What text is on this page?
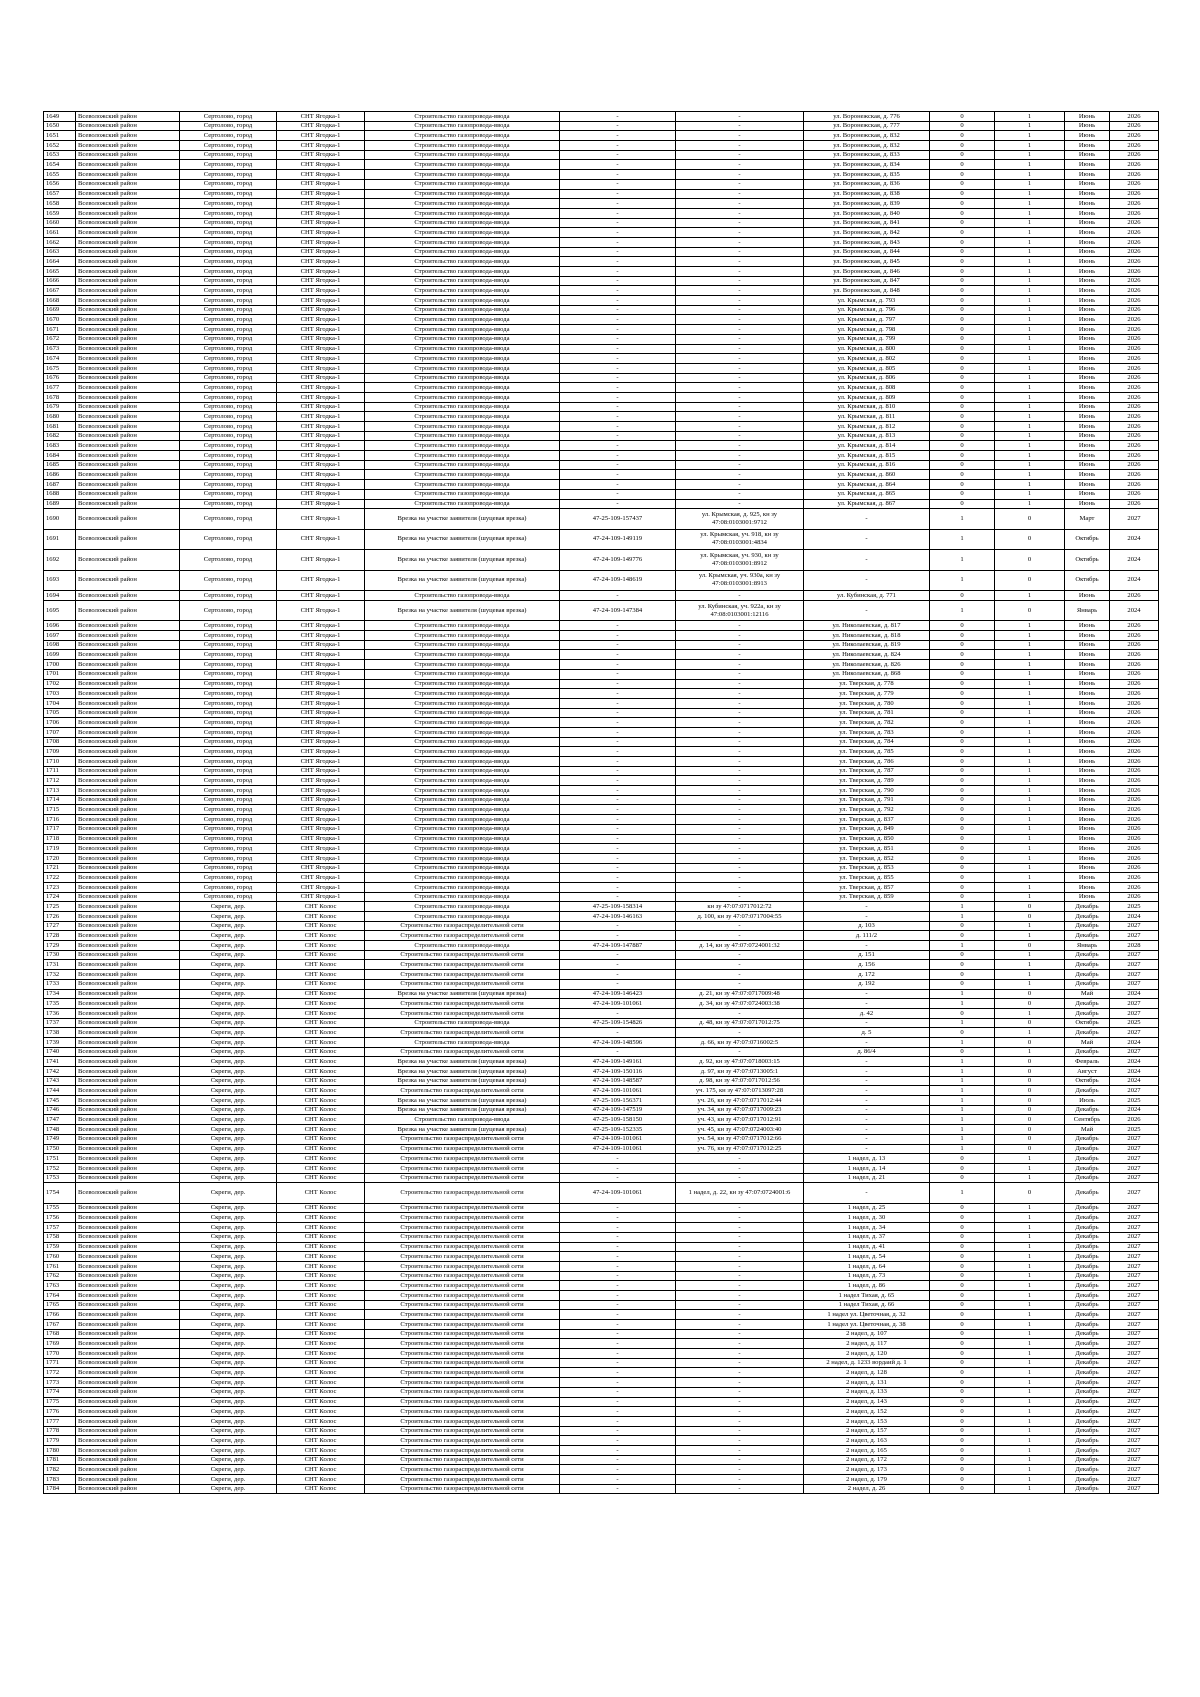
1649	Всеволожский район	Сертолово, город	СНТ Ягодка-1	Строительство газопровода-ввода	-	-	ул. Воронежская, д. 776	0	1	Июнь	2026
1650	Всеволожский район	Сертолово, город	СНТ Ягодка-1	Строительство газопровода-ввода	-	-	ул. Воронежская, д. 777	0	1	Июнь	2026
1651	Всеволожский район	Сертолово, город	СНТ Ягодка-1	Строительство газопровода-ввода	-	-	ул. Воронежская, д. 832	0	1	Июнь	2026
1652	Всеволожский район	Сертолово, город	СНТ Ягодка-1	Строительство газопровода-ввода	-	-	ул. Воронежская, д. 832	0	1	Июнь	2026
1653	Всеволожский район	Сертолово, город	СНТ Ягодка-1	Строительство газопровода-ввода	-	-	ул. Воронежская, д. 833	0	1	Июнь	2026
1654	Всеволожский район	Сертолово, город	СНТ Ягодка-1	Строительство газопровода-ввода	-	-	ул. Воронежская, д. 834	0	1	Июнь	2026
1655	Всеволожский район	Сертолово, город	СНТ Ягодка-1	Строительство газопровода-ввода	-	-	ул. Воронежская, д. 835	0	1	Июнь	2026
1656	Всеволожский район	Сертолово, город	СНТ Ягодка-1	Строительство газопровода-ввода	-	-	ул. Воронежская, д. 836	0	1	Июнь	2026
1657	Всеволожский район	Сертолово, город	СНТ Ягодка-1	Строительство газопровода-ввода	-	-	ул. Воронежская, д. 838	0	1	Июнь	2026
1658	Всеволожский район	Сертолово, город	СНТ Ягодка-1	Строительство газопровода-ввода	-	-	ул. Воронежская, д. 839	0	1	Июнь	2026
1659	Всеволожский район	Сертолово, город	СНТ Ягодка-1	Строительство газопровода-ввода	-	-	ул. Воронежская, д. 840	0	1	Июнь	2026
1660	Всеволожский район	Сертолово, город	СНТ Ягодка-1	Строительство газопровода-ввода	-	-	ул. Воронежская, д. 841	0	1	Июнь	2026
1661	Всеволожский район	Сертолово, город	СНТ Ягодка-1	Строительство газопровода-ввода	-	-	ул. Воронежская, д. 842	0	1	Июнь	2026
1662	Всеволожский район	Сертолово, город	СНТ Ягодка-1	Строительство газопровода-ввода	-	-	ул. Воронежская, д. 843	0	1	Июнь	2026
1663	Всеволожский район	Сертолово, город	СНТ Ягодка-1	Строительство газопровода-ввода	-	-	ул. Воронежская, д. 844	0	1	Июнь	2026
1664	Всеволожский район	Сертолово, город	СНТ Ягодка-1	Строительство газопровода-ввода	-	-	ул. Воронежская, д. 845	0	1	Июнь	2026
1665	Всеволожский район	Сертолово, город	СНТ Ягодка-1	Строительство газопровода-ввода	-	-	ул. Воронежская, д. 846	0	1	Июнь	2026
1666	Всеволожский район	Сертолово, город	СНТ Ягодка-1	Строительство газопровода-ввода	-	-	ул. Воронежская, д. 847	0	1	Июнь	2026
1667	Всеволожский район	Сертолово, город	СНТ Ягодка-1	Строительство газопровода-ввода	-	-	ул. Воронежская, д. 848	0	1	Июнь	2026
1668	Всеволожский район	Сертолово, город	СНТ Ягодка-1	Строительство газопровода-ввода	-	-	ул. Крымская, д. 793	0	1	Июнь	2026
1669	Всеволожский район	Сертолово, город	СНТ Ягодка-1	Строительство газопровода-ввода	-	-	ул. Крымская, д. 796	0	1	Июнь	2026
1670	Всеволожский район	Сертолово, город	СНТ Ягодка-1	Строительство газопровода-ввода	-	-	ул. Крымская, д. 797	0	1	Июнь	2026
1671	Всеволожский район	Сертолово, город	СНТ Ягодка-1	Строительство газопровода-ввода	-	-	ул. Крымская, д. 798	0	1	Июнь	2026
1672	Всеволожский район	Сертолово, город	СНТ Ягодка-1	Строительство газопровода-ввода	-	-	ул. Крымская, д. 799	0	1	Июнь	2026
1673	Всеволожский район	Сертолово, город	СНТ Ягодка-1	Строительство газопровода-ввода	-	-	ул. Крымская, д. 800	0	1	Июнь	2026
1674	Всеволожский район	Сертолово, город	СНТ Ягодка-1	Строительство газопровода-ввода	-	-	ул. Крымская, д. 802	0	1	Июнь	2026
1675	Всеволожский район	Сертолово, город	СНТ Ягодка-1	Строительство газопровода-ввода	-	-	ул. Крымская, д. 805	0	1	Июнь	2026
1676	Всеволожский район	Сертолово, город	СНТ Ягодка-1	Строительство газопровода-ввода	-	-	ул. Крымская, д. 806	0	1	Июнь	2026
1677	Всеволожский район	Сертолово, город	СНТ Ягодка-1	Строительство газопровода-ввода	-	-	ул. Крымская, д. 808	0	1	Июнь	2026
1678	Всеволожский район	Сертолово, город	СНТ Ягодка-1	Строительство газопровода-ввода	-	-	ул. Крымская, д. 809	0	1	Июнь	2026
1679	Всеволожский район	Сертолово, город	СНТ Ягодка-1	Строительство газопровода-ввода	-	-	ул. Крымская, д. 810	0	1	Июнь	2026
1680	Всеволожский район	Сертолово, город	СНТ Ягодка-1	Строительство газопровода-ввода	-	-	ул. Крымская, д. 811	0	1	Июнь	2026
1681	Всеволожский район	Сертолово, город	СНТ Ягодка-1	Строительство газопровода-ввода	-	-	ул. Крымская, д. 812	0	1	Июнь	2026
1682	Всеволожский район	Сертолово, город	СНТ Ягодка-1	Строительство газопровода-ввода	-	-	ул. Крымская, д. 813	0	1	Июнь	2026
1683	Всеволожский район	Сертолово, город	СНТ Ягодка-1	Строительство газопровода-ввода	-	-	ул. Крымская, д. 814	0	1	Июнь	2026
1684	Всеволожский район	Сертолово, город	СНТ Ягодка-1	Строительство газопровода-ввода	-	-	ул. Крымская, д. 815	0	1	Июнь	2026
1685	Всеволожский район	Сертолово, город	СНТ Ягодка-1	Строительство газопровода-ввода	-	-	ул. Крымская, д. 816	0	1	Июнь	2026
1686	Всеволожский район	Сертолово, город	СНТ Ягодка-1	Строительство газопровода-ввода	-	-	ул. Крымская, д. 860	0	1	Июнь	2026
1687	Всеволожский район	Сертолово, город	СНТ Ягодка-1	Строительство газопровода-ввода	-	-	ул. Крымская, д. 864	0	1	Июнь	2026
1688	Всеволожский район	Сертолово, город	СНТ Ягодка-1	Строительство газопровода-ввода	-	-	ул. Крымская, д. 865	0	1	Июнь	2026
1689	Всеволожский район	Сертолово, город	СНТ Ягодка-1	Строительство газопровода-ввода	-	-	ул. Крымская, д. 867	0	1	Июнь	2026
1690	Всеволожский район	Сертолово, город	СНТ Ягодка-1	Врезка на участке заявителя (шуцевая врезка)	47-25-109-157437	ул. Крымская, д. 925, кн зу 47:08:0103001:9712	-	1	0	Март	2027
1691	Всеволожский район	Сертолово, город	СНТ Ягодка-1	Врезка на участке заявителя (шуцевая врезка)	47-24-109-149119	ул. Крымская, уч. 918, кн зу 47:08:0103001:4834	-	1	0	Октябрь	2024
1692	Всеволожский район	Сертолово, город	СНТ Ягодка-1	Врезка на участке заявителя (шуцевая врезка)	47-24-109-149776	ул. Крымская, уч. 930, кн зу 47:08:0103001:8912	-	1	0	Октябрь	2024
1693	Всеволожский район	Сертолово, город	СНТ Ягодка-1	Врезка на участке заявителя (шуцевая врезка)	47-24-109-148619	ул. Крымская, уч. 930а, кн зу 47:08:0103001:8913	-	1	0	Октябрь	2024
1694	Всеволожский район	Сертолово, город	СНТ Ягодка-1	Строительство газопровода-ввода	-	-	ул. Кубинская, д. 771	0	1	Июнь	2026
1695	Всеволожский район	Сертолово, город	СНТ Ягодка-1	Врезка на участке заявителя (шуцевая врезка)	47-24-109-147384	ул. Кубинская, уч. 922а, кн зу 47:08:0103001:12116	-	1	0	Январь	2024
1696	Всеволожский район	Сертолово, город	СНТ Ягодка-1	Строительство газопровода-ввода	-	-	ул. Николаевская, д. 817	0	1	Июнь	2026
1697	Всеволожский район	Сертолово, город	СНТ Ягодка-1	Строительство газопровода-ввода	-	-	ул. Николаевская, д. 818	0	1	Июнь	2026
1698	Всеволожский район	Сертолово, город	СНТ Ягодка-1	Строительство газопровода-ввода	-	-	ул. Николаевская, д. 819	0	1	Июнь	2026
1699	Всеволожский район	Сертолово, город	СНТ Ягодка-1	Строительство газопровода-ввода	-	-	ул. Николаевская, д. 824	0	1	Июнь	2026
1700	Всеволожский район	Сертолово, город	СНТ Ягодка-1	Строительство газопровода-ввода	-	-	ул. Николаевская, д. 826	0	1	Июнь	2026
1701	Всеволожский район	Сертолово, город	СНТ Ягодка-1	Строительство газопровода-ввода	-	-	ул. Николаевская, д. 868	0	1	Июнь	2026
1702	Всеволожский район	Сертолово, город	СНТ Ягодка-1	Строительство газопровода-ввода	-	-	ул. Тверская, д. 778	0	1	Июнь	2026
1703	Всеволожский район	Сертолово, город	СНТ Ягодка-1	Строительство газопровода-ввода	-	-	ул. Тверская, д. 779	0	1	Июнь	2026
1704	Всеволожский район	Сертолово, город	СНТ Ягодка-1	Строительство газопровода-ввода	-	-	ул. Тверская, д. 780	0	1	Июнь	2026
1705	Всеволожский район	Сертолово, город	СНТ Ягодка-1	Строительство газопровода-ввода	-	-	ул. Тверская, д. 781	0	1	Июнь	2026
1706	Всеволожский район	Сертолово, город	СНТ Ягодка-1	Строительство газопровода-ввода	-	-	ул. Тверская, д. 782	0	1	Июнь	2026
1707	Всеволожский район	Сертолово, город	СНТ Ягодка-1	Строительство газопровода-ввода	-	-	ул. Тверская, д. 783	0	1	Июнь	2026
1708	Всеволожский район	Сертолово, город	СНТ Ягодка-1	Строительство газопровода-ввода	-	-	ул. Тверская, д. 784	0	1	Июнь	2026
1709	Всеволожский район	Сертолово, город	СНТ Ягодка-1	Строительство газопровода-ввода	-	-	ул. Тверская, д. 785	0	1	Июнь	2026
1710	Всеволожский район	Сертолово, город	СНТ Ягодка-1	Строительство газопровода-ввода	-	-	ул. Тверская, д. 786	0	1	Июнь	2026
1711	Всеволожский район	Сертолово, город	СНТ Ягодка-1	Строительство газопровода-ввода	-	-	ул. Тверская, д. 787	0	1	Июнь	2026
1712	Всеволожский район	Сертолово, город	СНТ Ягодка-1	Строительство газопровода-ввода	-	-	ул. Тверская, д. 789	0	1	Июнь	2026
1713	Всеволожский район	Сертолово, город	СНТ Ягодка-1	Строительство газопровода-ввода	-	-	ул. Тверская, д. 790	0	1	Июнь	2026
1714	Всеволожский район	Сертолово, город	СНТ Ягодка-1	Строительство газопровода-ввода	-	-	ул. Тверская, д. 791	0	1	Июнь	2026
1715	Всеволожский район	Сертолово, город	СНТ Ягодка-1	Строительство газопровода-ввода	-	-	ул. Тверская, д. 792	0	1	Июнь	2026
1716	Всеволожский район	Сертолово, город	СНТ Ягодка-1	Строительство газопровода-ввода	-	-	ул. Тверская, д. 837	0	1	Июнь	2026
1717	Всеволожский район	Сертолово, город	СНТ Ягодка-1	Строительство газопровода-ввода	-	-	ул. Тверская, д. 849	0	1	Июнь	2026
1718	Всеволожский район	Сертолово, город	СНТ Ягодка-1	Строительство газопровода-ввода	-	-	ул. Тверская, д. 850	0	1	Июнь	2026
1719	Всеволожский район	Сертолово, город	СНТ Ягодка-1	Строительство газопровода-ввода	-	-	ул. Тверская, д. 851	0	1	Июнь	2026
1720	Всеволожский район	Сертолово, город	СНТ Ягодка-1	Строительство газопровода-ввода	-	-	ул. Тверская, д. 852	0	1	Июнь	2026
1721	Всеволожский район	Сертолово, город	СНТ Ягодка-1	Строительство газопровода-ввода	-	-	ул. Тверская, д. 853	0	1	Июнь	2026
1722	Всеволожский район	Сертолово, город	СНТ Ягодка-1	Строительство газопровода-ввода	-	-	ул. Тверская, д. 855	0	1	Июнь	2026
1723	Всеволожский район	Сертолово, город	СНТ Ягодка-1	Строительство газопровода-ввода	-	-	ул. Тверская, д. 857	0	1	Июнь	2026
1724	Всеволожский район	Сертолово, город	СНТ Ягодка-1	Строительство газопровода-ввода	-	-	ул. Тверская, д. 859	0	1	Июнь	2026
1725	Всеволожский район	Скреги, дер.	СНТ Колос	Строительство газопровода-ввода	47-25-109-158314	кн зу 47:07:0717012:72	-	1	0	Декабрь	2025
1726	Всеволожский район	Скреги, дер.	СНТ Колос	Строительство газопровода-ввода	47-24-109-146163	д. 100, кн зу 47:07:0717004:55	-	1	0	Декабрь	2024
1727	Всеволожский район	Скреги, дер.	СНТ Колос	Строительство газораспределительной сети	-	-	д. 103	0	1	Декабрь	2027
1728	Всеволожский район	Скреги, дер.	СНТ Колос	Строительство газораспределительной сети	-	-	д. 111/2	0	1	Декабрь	2027
1729	Всеволожский район	Скреги, дер.	СНТ Колос	Строительство газопровода-ввода	47-24-109-147887	д. 14, кн зу 47:07:0724001:32	-	1	0	Январь	2028
1730	Всеволожский район	Скреги, дер.	СНТ Колос	Строительство газораспределительной сети	-	-	д. 151	0	1	Декабрь	2027
1731	Всеволожский район	Скреги, дер.	СНТ Колос	Строительство газораспределительной сети	-	-	д. 156	0	1	Декабрь	2027
1732	Всеволожский район	Скреги, дер.	СНТ Колос	Строительство газораспределительной сети	-	-	д. 172	0	1	Декабрь	2027
1733	Всеволожский район	Скреги, дер.	СНТ Колос	Строительство газораспределительной сети	-	-	д. 192	0	1	Декабрь	2027
1734	Всеволожский район	Скреги, дер.	СНТ Колос	Врезка на участке заявителя (шуцевая врезка)	47-24-109-146423	д. 21, кн зу 47:07:0717009:48	-	1	0	Май	2024
1735	Всеволожский район	Скреги, дер.	СНТ Колос	Строительство газораспределительной сети	47-24-109-101061	д. 34, кн зу 47:07:0724003:38	-	1	0	Декабрь	2027
1736	Всеволожский район	Скреги, дер.	СНТ Колос	Строительство газораспределительной сети	-	-	д. 42	0	1	Декабрь	2027
1737	Всеволожский район	Скреги, дер.	СНТ Колос	Строительство газопровода-ввода	47-25-109-154826	д. 48, кн зу 47:07:0717012:75	-	1	0	Октябрь	2025
1738	Всеволожский район	Скреги, дер.	СНТ Колос	Строительство газораспределительной сети	-	-	д. 5	0	1	Декабрь	2027
1739	Всеволожский район	Скреги, дер.	СНТ Колос	Строительство газопровода-ввода	47-24-109-148596	д. 66, кн зу 47:07:0716002:5	-	1	0	Май	2024
1740	Всеволожский район	Скреги, дер.	СНТ Колос	Строительство газораспределительной сети	-	-	д. 86/4	0	1	Декабрь	2027
1741	Всеволожский район	Скреги, дер.	СНТ Колос	Врезка на участке заявителя (шуцевая врезка)	47-24-109-149161	д. 92, кн зу 47:07:0718003:15	-	1	0	Февраль	2024
1742	Всеволожский район	Скреги, дер.	СНТ Колос	Врезка на участке заявителя (шуцевая врезка)	47-24-109-150116	д. 97, кн зу 47:07:0713005:1	-	1	0	Август	2024
1743	Всеволожский район	Скреги, дер.	СНТ Колос	Врезка на участке заявителя (шуцевая врезка)	47-24-109-148587	д. 98, кн зу 47:07:0717012:56	-	1	0	Октябрь	2024
1744	Всеволожский район	Скреги, дер.	СНТ Колос	Строительство газораспределительной сети	47-24-109-101061	уч. 175, кн зу 47:07:0713097:28	-	1	0	Декабрь	2027
1745	Всеволожский район	Скреги, дер.	СНТ Колос	Врезка на участке заявителя (шуцевая врезка)	47-25-109-156371	уч. 26, кн зу 47:07:0717012:44	-	1	0	Июль	2025
1746	Всеволожский район	Скреги, дер.	СНТ Колос	Врезка на участке заявителя (шуцевая врезка)	47-24-109-147519	уч. 34, кн зу 47:07:0717009:23	-	1	0	Декабрь	2024
1747	Всеволожский район	Скреги, дер.	СНТ Колос	Строительство газопровода-ввода	47-25-109-158150	уч. 43, кн зу 47:07:0717012:91	-	1	0	Сентябрь	2026
1748	Всеволожский район	Скреги, дер.	СНТ Колос	Врезка на участке заявителя (шуцевая врезка)	47-25-109-152335	уч. 45, кн зу 47:07:0724003:40	-	1	0	Май	2025
1749	Всеволожский район	Скреги, дер.	СНТ Колос	Строительство газораспределительной сети	47-24-109-101061	уч. 54, кн зу 47:07:0717012:66	-	1	0	Декабрь	2027
1750	Всеволожский район	Скреги, дер.	СНТ Колос	Строительство газораспределительной сети	47-24-109-101061	уч. 76, кн зу 47:07:0717012:25	-	1	0	Декабрь	2027
1751	Всеволожский район	Скреги, дер.	СНТ Колос	Строительство газораспределительной сети	-	-	1 надел, д. 13	0	1	Декабрь	2027
1752	Всеволожский район	Скреги, дер.	СНТ Колос	Строительство газораспределительной сети	-	-	1 надел, д. 14	0	1	Декабрь	2027
1753	Всеволожский район	Скреги, дер.	СНТ Колос	Строительство газораспределительной сети	-	-	1 надел, д. 21	0	1	Декабрь	2027
1754	Всеволожский район	Скреги, дер.	СНТ Колос	Строительство газораспределительной сети	47-24-109-101061	1 надел, д. 22, кн зу 47:07:0724001:6	-	1	0	Декабрь	2027
1755	Всеволожский район	Скреги, дер.	СНТ Колос	Строительство газораспределительной сети	-	-	1 надел, д. 25	0	1	Декабрь	2027
1756	Всеволожский район	Скреги, дер.	СНТ Колос	Строительство газораспределительной сети	-	-	1 надел, д. 30	0	1	Декабрь	2027
1757	Всеволожский район	Скреги, дер.	СНТ Колос	Строительство газораспределительной сети	-	-	1 надел, д. 34	0	1	Декабрь	2027
1758	Всеволожский район	Скреги, дер.	СНТ Колос	Строительство газораспределительной сети	-	-	1 надел, д. 37	0	1	Декабрь	2027
1759	Всеволожский район	Скреги, дер.	СНТ Колос	Строительство газораспределительной сети	-	-	1 надел, д. 41	0	1	Декабрь	2027
1760	Всеволожский район	Скреги, дер.	СНТ Колос	Строительство газораспределительной сети	-	-	1 надел, д. 54	0	1	Декабрь	2027
1761	Всеволожский район	Скреги, дер.	СНТ Колос	Строительство газораспределительной сети	-	-	1 надел, д. 64	0	1	Декабрь	2027
1762	Всеволожский район	Скреги, дер.	СНТ Колос	Строительство газораспределительной сети	-	-	1 надел, д. 73	0	1	Декабрь	2027
1763	Всеволожский район	Скреги, дер.	СНТ Колос	Строительство газораспределительной сети	-	-	1 надел, д. 86	0	1	Декабрь	2027
1764	Всеволожский район	Скреги, дер.	СНТ Колос	Строительство газораспределительной сети	-	-	1 надел Тихая, д. 65	0	1	Декабрь	2027
1765	Всеволожский район	Скреги, дер.	СНТ Колос	Строительство газораспределительной сети	-	-	1 надел Тихая, д. 66	0	1	Декабрь	2027
1766	Всеволожский район	Скреги, дер.	СНТ Колос	Строительство газораспределительной сети	-	-	1 надел ул. Цветочная, д. 32	0	1	Декабрь	2027
1767	Всеволожский район	Скреги, дер.	СНТ Колос	Строительство газораспределительной сети	-	-	1 надел ул. Цветочная, д. 38	0	1	Декабрь	2027
1768	Всеволожский район	Скреги, дер.	СНТ Колос	Строительство газораспределительной сети	-	-	2 надел, д. 107	0	1	Декабрь	2027
1769	Всеволожский район	Скреги, дер.	СНТ Колос	Строительство газораспределительной сети	-	-	2 надел, д. 117	0	1	Декабрь	2027
1770	Всеволожский район	Скреги, дер.	СНТ Колос	Строительство газораспределительной сети	-	-	2 надел, д. 120	0	1	Декабрь	2027
1771	Всеволожский район	Скреги, дер.	СНТ Колос	Строительство газораспределительной сети	-	-	2 надел, д. 1233 вордаий д. 1	0	1	Декабрь	2027
1772	Всеволожский район	Скреги, дер.	СНТ Колос	Строительство газораспределительной сети	-	-	2 надел, д. 128	0	1	Декабрь	2027
1773	Всеволожский район	Скреги, дер.	СНТ Колос	Строительство газораспределительной сети	-	-	2 надел, д. 131	0	1	Декабрь	2027
1774	Всеволожский район	Скреги, дер.	СНТ Колос	Строительство газораспределительной сети	-	-	2 надел, д. 133	0	1	Декабрь	2027
1775	Всеволожский район	Скреги, дер.	СНТ Колос	Строительство газораспределительной сети	-	-	2 надел, д. 143	0	1	Декабрь	2027
1776	Всеволожский район	Скреги, дер.	СНТ Колос	Строительство газораспределительной сети	-	-	2 надел, д. 152	0	1	Декабрь	2027
1777	Всеволожский район	Скреги, дер.	СНТ Колос	Строительство газораспределительной сети	-	-	2 надел, д. 153	0	1	Декабрь	2027
1778	Всеволожский район	Скреги, дер.	СНТ Колос	Строительство газораспределительной сети	-	-	2 надел, д. 157	0	1	Декабрь	2027
1779	Всеволожский район	Скреги, дер.	СНТ Колос	Строительство газораспределительной сети	-	-	2 надел, д. 163	0	1	Декабрь	2027
1780	Всеволожский район	Скреги, дер.	СНТ Колос	Строительство газораспределительной сети	-	-	2 надел, д. 165	0	1	Декабрь	2027
1781	Всеволожский район	Скреги, дер.	СНТ Колос	Строительство газораспределительной сети	-	-	2 надел, д. 172	0	1	Декабрь	2027
1782	Всеволожский район	Скреги, дер.	СНТ Колос	Строительство газораспределительной сети	-	-	2 надел, д. 173	0	1	Декабрь	2027
1783	Всеволожский район	Скреги, дер.	СНТ Колос	Строительство газораспределительной сети	-	-	2 надел, д. 179	0	1	Декабрь	2027
1784	Всеволожский район	Скреги, дер.	СНТ Колос	Строительство газораспределительной сети	-	-	2 надел, д. 26	0	1	Декабрь	2027
